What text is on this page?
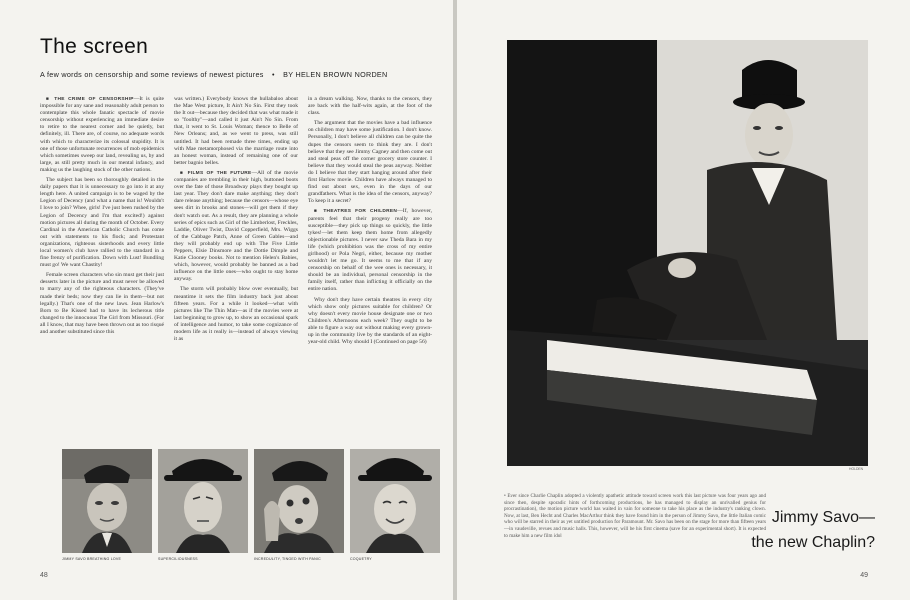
The screen
A few words on censorship and some reviews of newest pictures • BY HELEN BROWN NORDEN

■ THE CRIME OF CENSORSHIP—It is quite impossible for any sane and reasonably adult person to contemplate this whole fanatic spectacle of movie censorship without experiencing an immediate desire to retire to the nearest corner and be quietly, but definitely, ill. There are, of course, no adequate words with which to characterize its colossal stupidity. It is one of those unfortunate recurrences of mob epidemics which sometimes sweep our land, revealing us, by and large, as still pretty much in our mental infancy, and making us the laughing stock of the other nations.

The subject has been so thoroughly detailed in the daily papers that it is unnecessary to go into it at any length here. A united campaign is to be waged by the Legion of Decency (and what a name that is! Wouldn't I love to join? Whee, girls! I've just been rushed by the Legion of Decency and I'm that excited!) against motion pictures all during the month of October. Every Cardinal in the American Catholic Church has come out with statements to his flock; and Protestant organizations, righteous sisterhoods and every little local women's club have rallied to the standard in a fine frenzy of purification. Down with Lust! Bundling must go! We want Chastity!

Female screen characters who sin must get their just desserts later in the picture and must never be allowed to marry any of the righteous characters. (They've made their beds; now they can lie in them—but not legally.) That's one of the new laws. Jean Harlow's Born to Be Kissed had to have its lecherous title changed to the innocuous The Girl from Missouri. (For all I know, that may have been thrown out as too risqué and another substituted since this

was written.) Everybody knows the hullabaloo about the Mae West picture, It Ain't No Sin. First they took the It out—because they decided that was what made it so "foolthy"—and called it just Ain't No Sin. From that, it went to St. Louis Woman; thence to Belle of New Orleans; and, as we went to press, was still untitled. It had been remade three times, ending up with Mae metamorphosed via the marriage route into an honest woman, instead of remaining one of our better bagnio belles.

■ FILMS OF THE FUTURE—All of the movie companies are trembling in their high, buttoned boots over the fate of those Broadway plays they bought up last year. They don't dare make anything; they don't dare release anything; because the censors—whose eye sees dirt in brooks and stones—will get them if they don't watch out. As a result, they are planning a whole series of epics such as Girl of the Limberlost, Freckles, Laddie, Oliver Twist, David Copperfield, Mrs. Wiggs of the Cabbage Patch, Anne of Green Gables—and they will probably end up with The Five Little Peppers, Elsie Dinsmore and the Dottie Dimple and Katie Clooney books. Not to mention Helen's Babies, which, however, would probably be banned as a bad influence on the little ones—who ought to stay home anyway.

The storm will probably blow over eventually, but meantime it sets the film industry back just about fifteen years. For a while it looked—what with pictures like The Thin Man—as if the movies were at last beginning to grow up, to show an occasional spark of intelligence and humor, to take some cognizance of modern life as it really is—instead of always viewing it as

in a dream walking. Now, thanks to the censors, they are back with the half-wits again, at the foot of the class.

The argument that the movies have a bad influence on children may have some justification. I don't know. Personally, I don't believe all children can be quite the dupes the censors seem to think they are. I don't believe that they see Jimmy Cagney and then come out and steal peas off the corner grocery store counter. I believe that they would steal the peas anyway. Neither do I believe that they start hanging around after their first Harlow movie. Children have always managed to find out about sex, even in the days of our grandfathers. What is the idea of the censors, anyway? To keep it a secret?

■ THEATRES FOR CHILDREN—If, however, parents feel that their progeny really are too susceptible—they pick up things so quickly, the little tykes!—let them keep them home from allegedly objectionable pictures. I never saw Theda Bara in my life (which prohibition was the cross of my entire girlhood) or Pola Negri, either, because my mother wouldn't let me go. It seems to me that if any censorship on behalf of the wee ones is necessary, it should be an individual, personal censorship in the family itself, rather than inflicting it officially on the entire nation.

Why don't they have certain theatres in every city which show only pictures suitable for children? Or why doesn't every movie house designate one or two Children's Afternoons each week? They ought to be able to figure a way out without making every grown-up in the community live by the standards of an eight-year-old child. Why should I (Continued on page 56)

JIMMY SAVO BREATHING LOVE	SUPERCILIOUSNESS	INCREDULITY, TINGED WITH PANIC	COQUETRY
48
HOLDEN
• Ever since Charlie Chaplin adopted a violently apathetic attitude toward screen work this last picture was four years ago and since then, despite sporadic hints of forthcoming productions, he has managed to display an unrivalled genius for procrastination), the motion picture world has waited in vain for someone to take his place as the industry's ranking clown. Now, at last, Ben Hecht and Charles MacArthur think they have found him in the person of Jimmy Savo, the little Italian comic who will be starred in their as yet untitled production for Paramount. Mr. Savo has been on the stage for more than fifteen years—in vaudeville, revues and music halls. This, however, will be his first cinema (save for an experimental short). It is expected to make him a new film idol
Jimmy Savo—
the new Chaplin?
49
